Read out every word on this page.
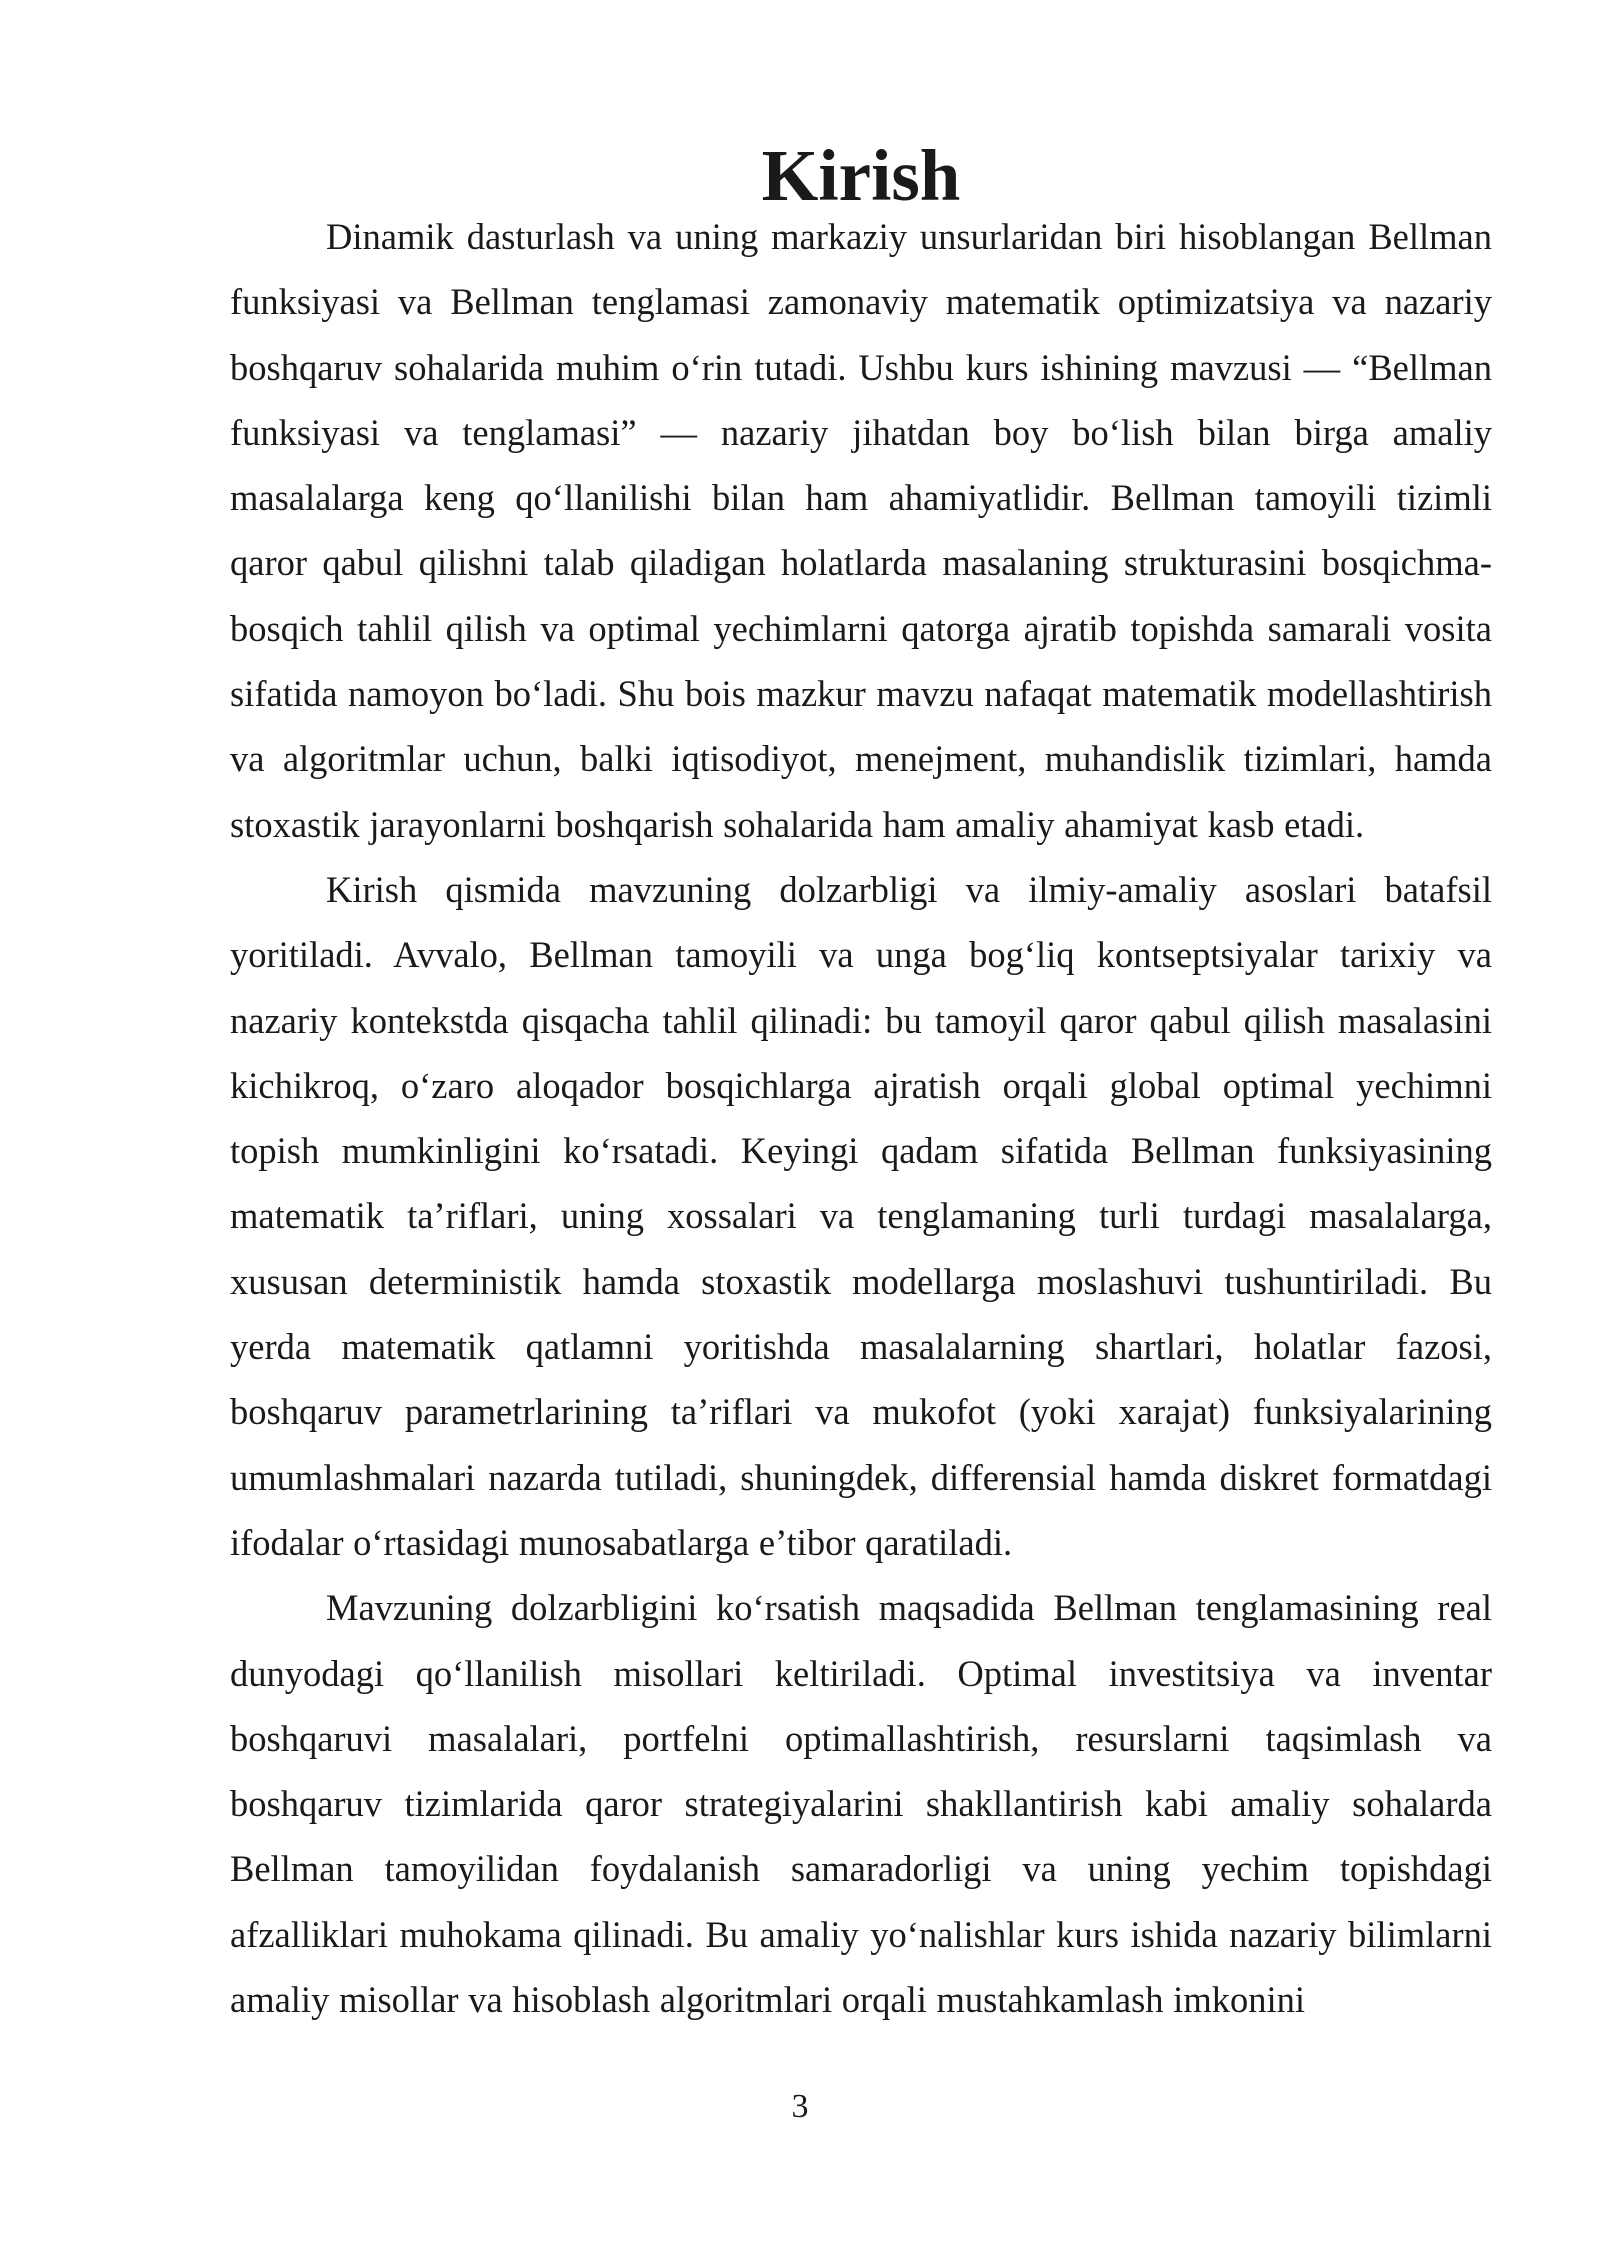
Kirish

Dinamik dasturlash va uning markaziy unsurlaridan biri hisoblangan Bellman funksiyasi va Bellman tenglamasi zamonaviy matematik optimizatsiya va nazariy boshqaruv sohalarida muhim o‘rin tutadi. Ushbu kurs ishining mavzusi — “Bellman funksiyasi va tenglamasi” — nazariy jihatdan boy bo‘lish bilan birga amaliy masalalarga keng qo‘llanilishi bilan ham ahamiyatlidir. Bellman tamoyili tizimli qaror qabul qilishni talab qiladigan holatlarda masalaning strukturasini bosqichma-bosqich tahlil qilish va optimal yechimlarni qatorga ajratib topishda samarali vosita sifatida namoyon bo‘ladi. Shu bois mazkur mavzu nafaqat matematik modellashtirish va algoritmlar uchun, balki iqtisodiyot, menejment, muhandislik tizimlari, hamda stoxastik jarayonlarni boshqarish sohalarida ham amaliy ahamiyat kasb etadi.

Kirish qismida mavzuning dolzarbligi va ilmiy-amaliy asoslari batafsil yoritiladi. Avvalo, Bellman tamoyili va unga bog‘liq kontseptsiyalar tarixiy va nazariy kontekstda qisqacha tahlil qilinadi: bu tamoyil qaror qabul qilish masalasini kichikroq, o‘zaro aloqador bosqichlarga ajratish orqali global optimal yechimni topish mumkinligini ko‘rsatadi. Keyingi qadam sifatida Bellman funksiyasining matematik ta’riflari, uning xossalari va tenglamaning turli turdagi masalalarga, xususan deterministik hamda stoxastik modellarga moslashuvi tushuntiriladi. Bu yerda matematik qatlamni yoritishda masalalarning shartlari, holatlar fazosi, boshqaruv parametrlarining ta’riflari va mukofot (yoki xarajat) funksiyalarining umumlashmalari nazarda tutiladi, shuningdek, differensial hamda diskret formatdagi ifodalar o‘rtasidagi munosabatlarga e’tibor qaratiladi.

Mavzuning dolzarbligini ko‘rsatish maqsadida Bellman tenglamasining real dunyodagi qo‘llanilish misollari keltiriladi. Optimal investitsiya va inventar boshqaruvi masalalari, portfelni optimallashtirish, resurslarni taqsimlash va boshqaruv tizimlarida qaror strategiyalarini shakllantirish kabi amaliy sohalarda Bellman tamoyilidan foydalanish samaradorligi va uning yechim topishdagi afzalliklari muhokama qilinadi. Bu amaliy yo‘nalishlar kurs ishida nazariy bilimlarni amaliy misollar va hisoblash algoritmlari orqali mustahkamlash imkonini

3
